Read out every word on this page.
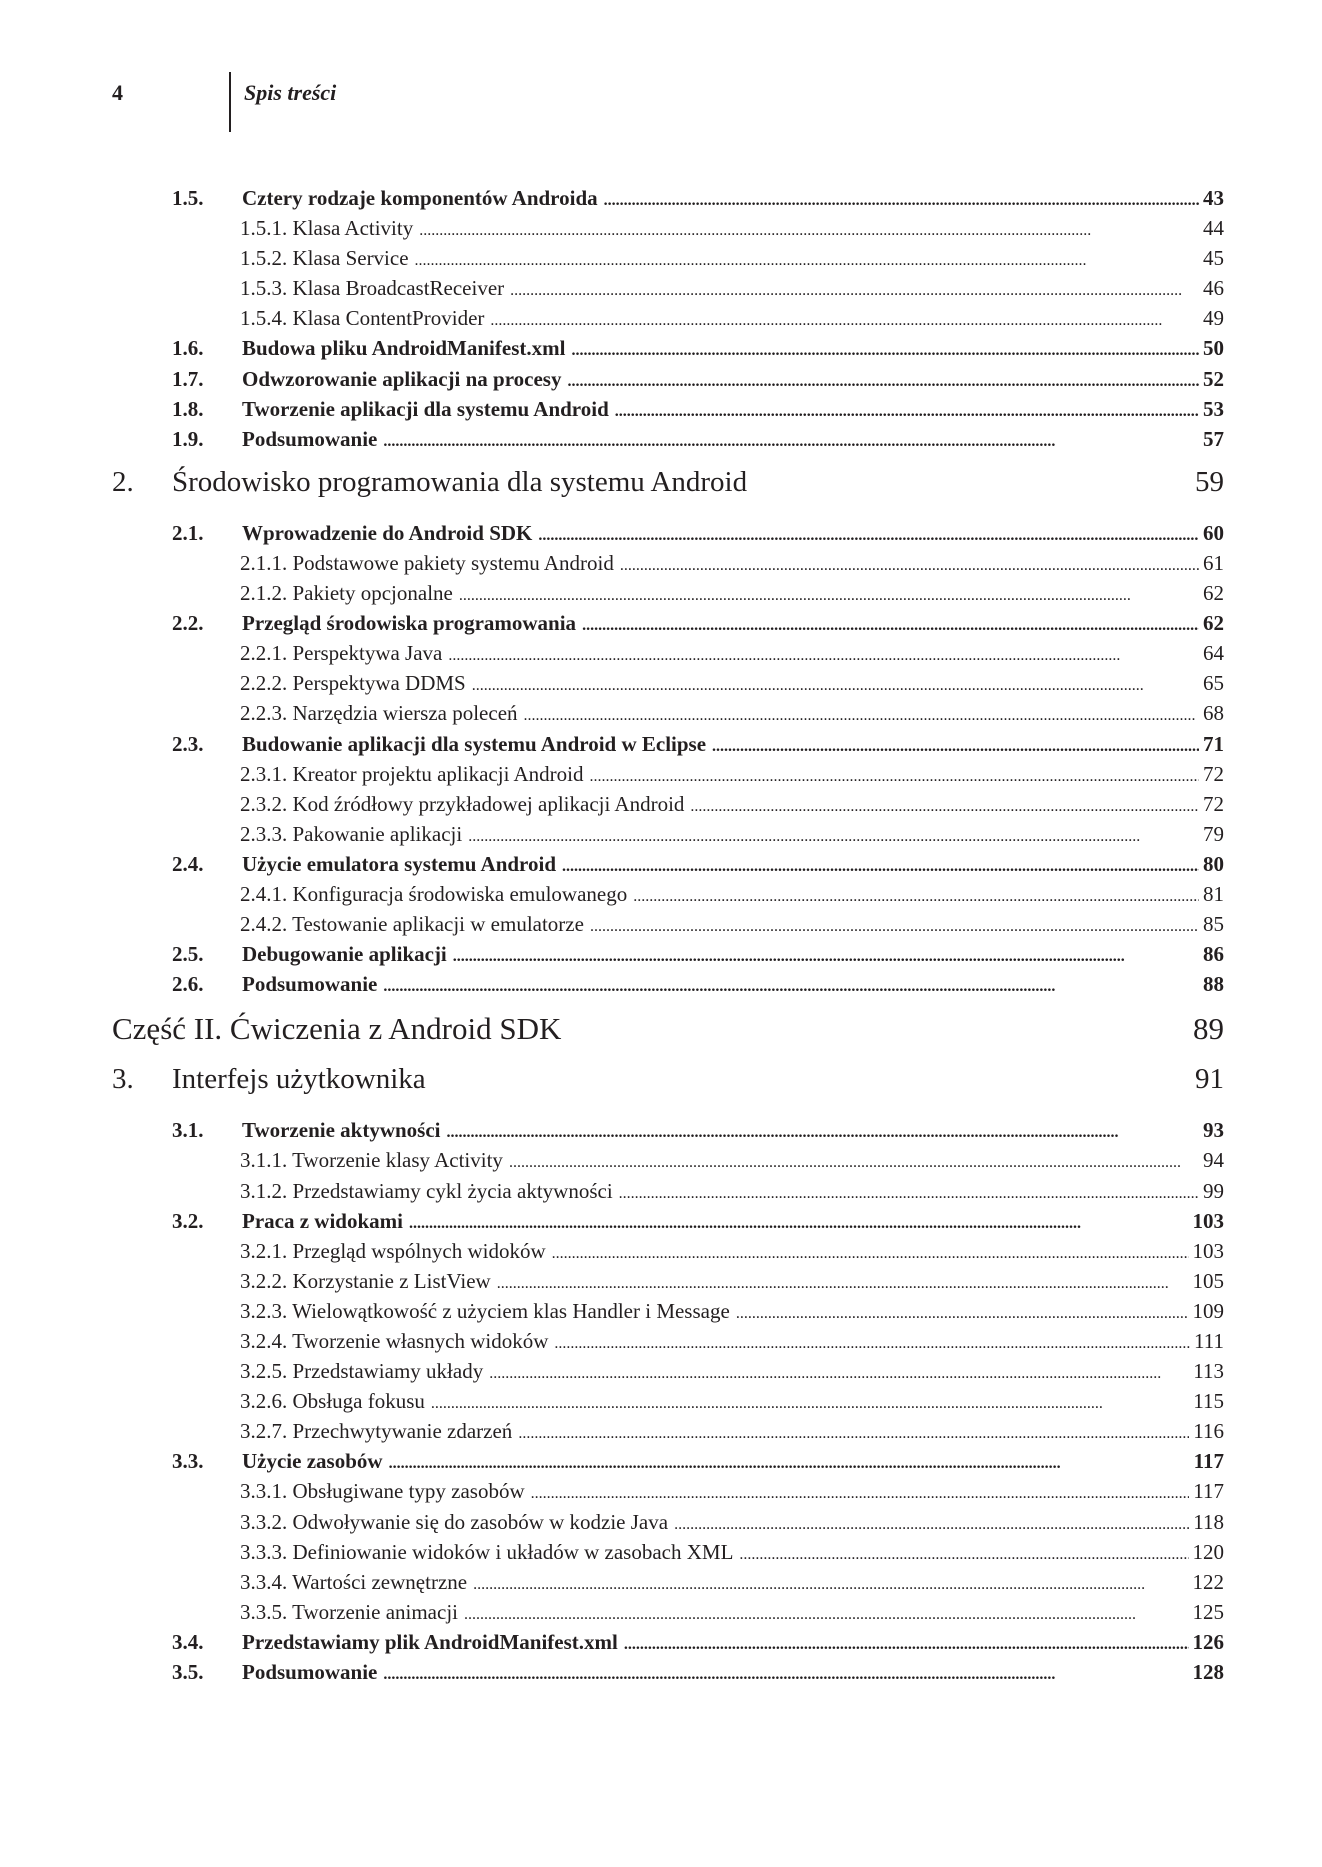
4	Spis treści
1.5. Cztery rodzaje komponentów Androida . . .	43
1.5.1. Klasa Activity . . .	44
1.5.2. Klasa Service . . .	45
1.5.3. Klasa BroadcastReceiver . . .	46
1.5.4. Klasa ContentProvider . . .	49
1.6. Budowa pliku AndroidManifest.xml . . .	50
1.7. Odwzorowanie aplikacji na procesy . . .	52
1.8. Tworzenie aplikacji dla systemu Android . . .	53
1.9. Podsumowanie . . .	57
2. Środowisko programowania dla systemu Android	59
2.1. Wprowadzenie do Android SDK . . .	60
2.1.1. Podstawowe pakiety systemu Android . . .	61
2.1.2. Pakiety opcjonalne . . .	62
2.2. Przegląd środowiska programowania . . .	62
2.2.1. Perspektywa Java . . .	64
2.2.2. Perspektywa DDMS . . .	65
2.2.3. Narzędzia wiersza poleceń . . .	68
2.3. Budowanie aplikacji dla systemu Android w Eclipse . . .	71
2.3.1. Kreator projektu aplikacji Android . . .	72
2.3.2. Kod źródłowy przykładowej aplikacji Android . . .	72
2.3.3. Pakowanie aplikacji . . .	79
2.4. Użycie emulatora systemu Android . . .	80
2.4.1. Konfiguracja środowiska emulowanego . . .	81
2.4.2. Testowanie aplikacji w emulatorze . . .	85
2.5. Debugowanie aplikacji . . .	86
2.6. Podsumowanie . . .	88
Część II. Ćwiczenia z Android SDK	89
3. Interfejs użytkownika	91
3.1. Tworzenie aktywności . . .	93
3.1.1. Tworzenie klasy Activity . . .	94
3.1.2. Przedstawiamy cykl życia aktywności . . .	99
3.2. Praca z widokami . . .	103
3.2.1. Przegląd wspólnych widoków . . .	103
3.2.2. Korzystanie z ListView . . .	105
3.2.3. Wielowątkowość z użyciem klas Handler i Message . . .	109
3.2.4. Tworzenie własnych widoków . . .	111
3.2.5. Przedstawiamy układy . . .	113
3.2.6. Obsługa fokusu . . .	115
3.2.7. Przechwytywanie zdarzeń . . .	116
3.3. Użycie zasobów . . .	117
3.3.1. Obsługiwane typy zasobów . . .	117
3.3.2. Odwoływanie się do zasobów w kodzie Java . . .	118
3.3.3. Definiowanie widoków i układów w zasobach XML . . .	120
3.3.4. Wartości zewnętrzne . . .	122
3.3.5. Tworzenie animacji . . .	125
3.4. Przedstawiamy plik AndroidManifest.xml . . .	126
3.5. Podsumowanie . . .	128
